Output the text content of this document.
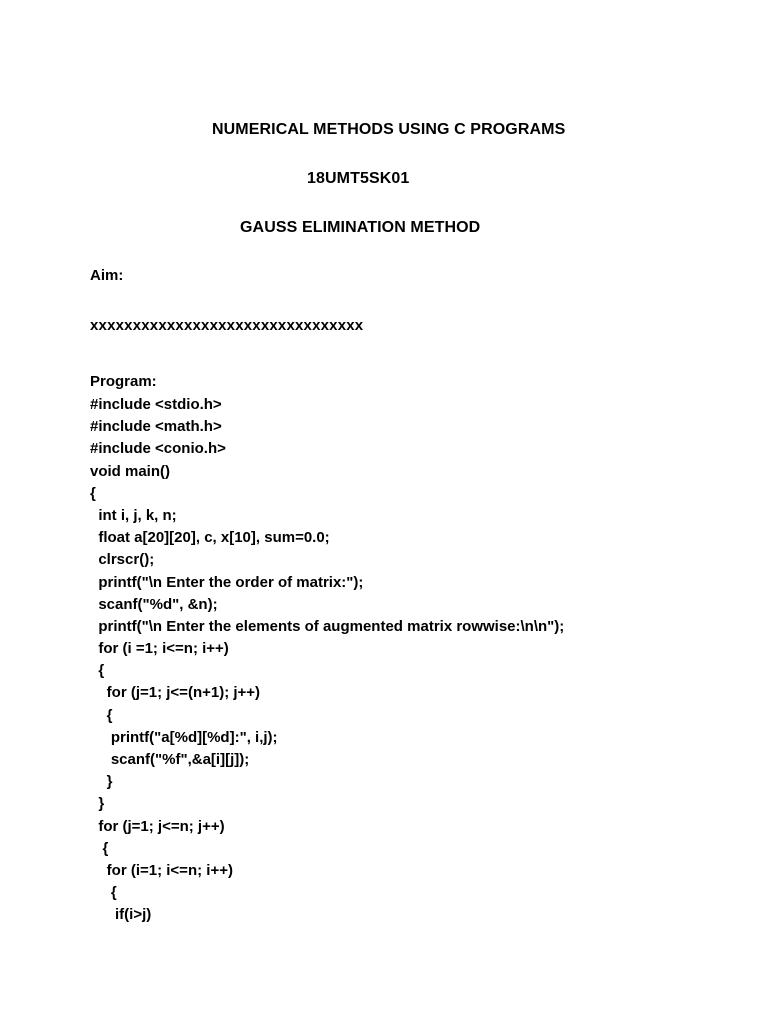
NUMERICAL METHODS USING C PROGRAMS
18UMT5SK01
GAUSS ELIMINATION METHOD
Aim:
xxxxxxxxxxxxxxxxxxxxxxxxxxxxxxxx
Program:
#include <stdio.h>
#include <math.h>
#include <conio.h>
void main()
{
int i, j, k, n;
float a[20][20], c, x[10], sum=0.0;
clrscr();
printf("\n Enter the order of matrix:");
scanf("%d", &n);
printf("\n Enter the elements of augmented matrix rowwise:\n\n");
for (i =1; i<=n; i++)
{
for (j=1; j<=(n+1); j++)
{
printf("a[%d][%d]:", i,j);
scanf("%f",&a[i][j]);
}
}
for (j=1; j<=n; j++)
{
for (i=1; i<=n; i++)
{
if(i>j)
